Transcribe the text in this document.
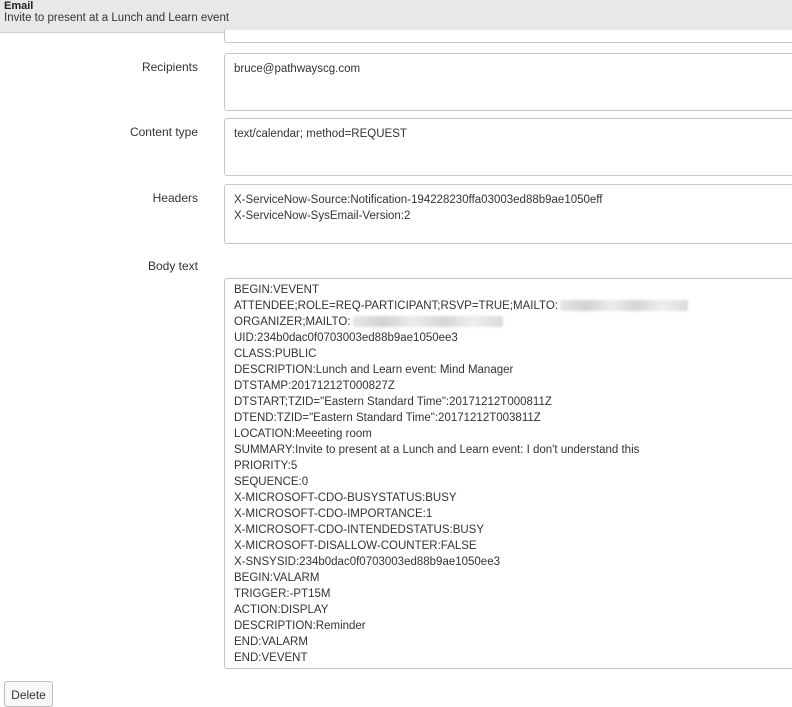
Email
Invite to present at a Lunch and Learn event
Recipients	bruce@pathwayscg.com
Content type	text/calendar; method=REQUEST
Headers	X-ServiceNow-Source:Notification-194228230ffa03003ed88b9ae1050eff
X-ServiceNow-SysEmail-Version:2
Body text
BEGIN:VEVENT
ATTENDEE;ROLE=REQ-PARTICIPANT;RSVP=TRUE;MAILTO:
ORGANIZER;MAILTO:
UID:234b0dac0f0703003ed88b9ae1050ee3
CLASS:PUBLIC
DESCRIPTION:Lunch and Learn event: Mind Manager
DTSTAMP:20171212T000827Z
DTSTART;TZID="Eastern Standard Time":20171212T000811Z
DTEND:TZID="Eastern Standard Time":20171212T003811Z
LOCATION:Meeeting room
SUMMARY:Invite to present at a Lunch and Learn event: I don't understand this
PRIORITY:5
SEQUENCE:0
X-MICROSOFT-CDO-BUSYSTATUS:BUSY
X-MICROSOFT-CDO-IMPORTANCE:1
X-MICROSOFT-CDO-INTENDEDSTATUS:BUSY
X-MICROSOFT-DISALLOW-COUNTER:FALSE
X-SNSYSID:234b0dac0f0703003ed88b9ae1050ee3
BEGIN:VALARM
TRIGGER:-PT15M
ACTION:DISPLAY
DESCRIPTION:Reminder
END:VALARM
END:VEVENT
Delete
